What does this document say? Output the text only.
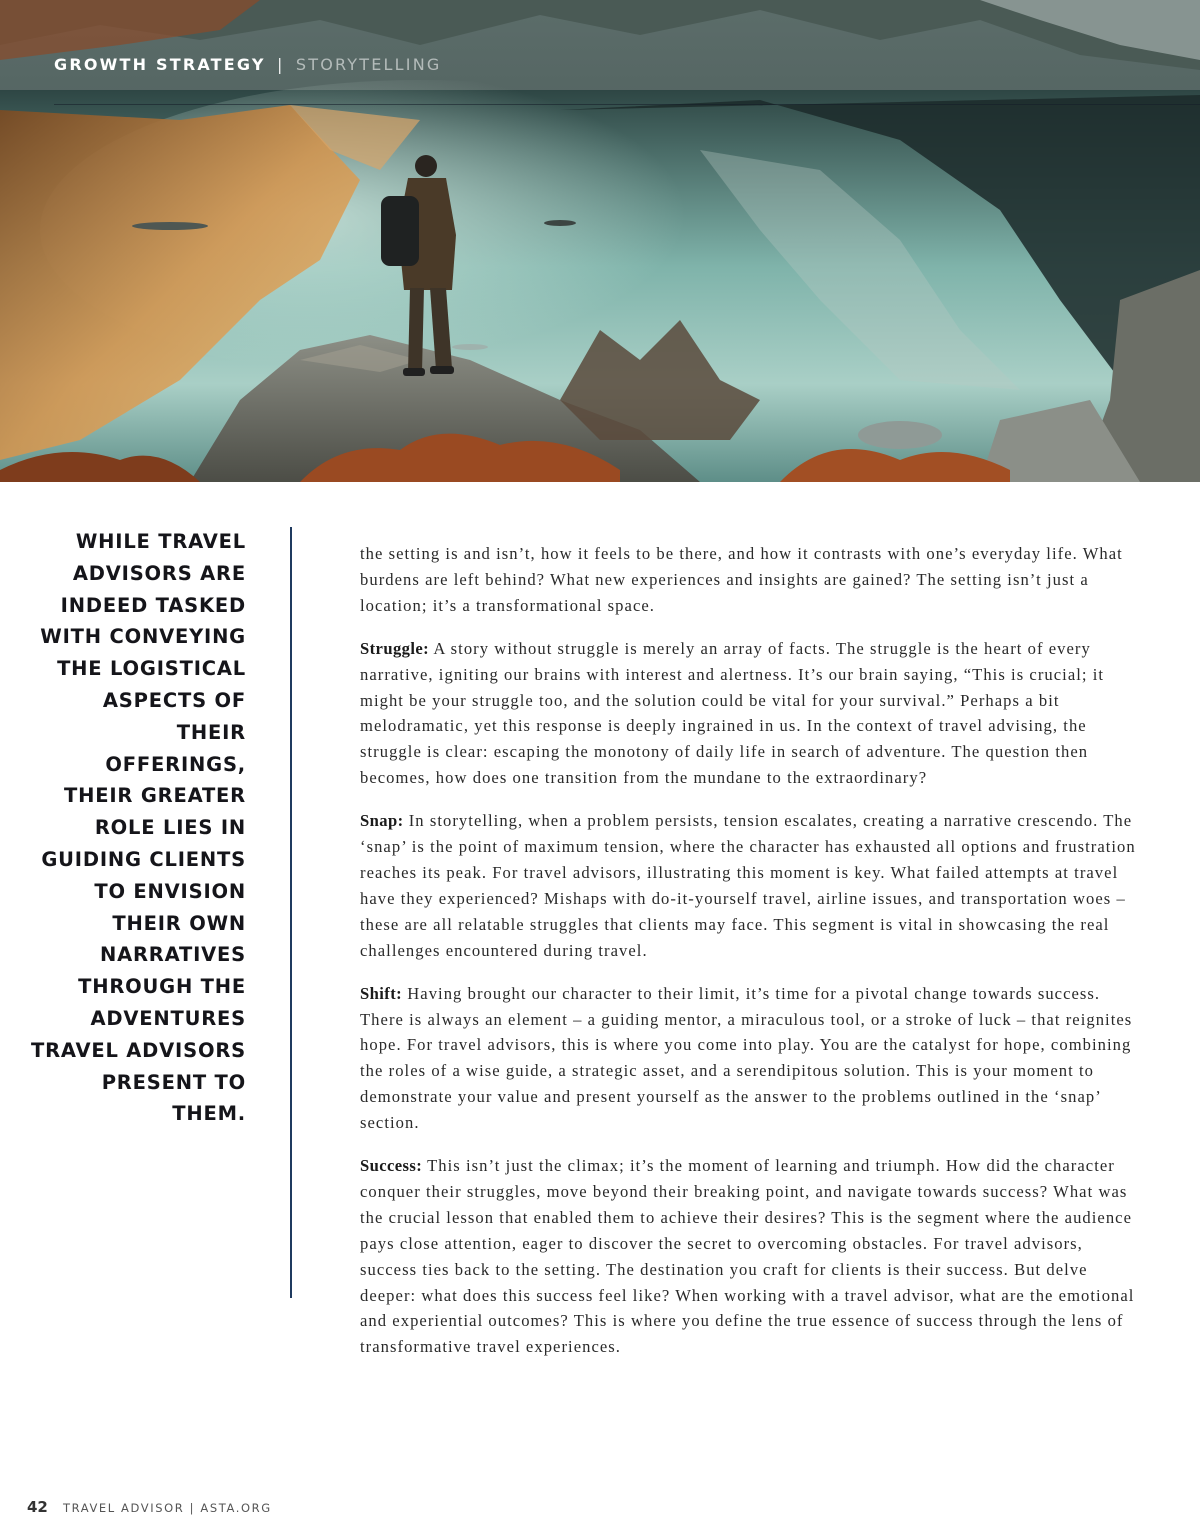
GROWTH STRATEGY | STORYTELLING
WHILE TRAVEL ADVISORS ARE INDEED TASKED WITH CONVEYING THE LOGISTICAL ASPECTS OF THEIR OFFERINGS, THEIR GREATER ROLE LIES IN GUIDING CLIENTS TO ENVISION THEIR OWN NARRATIVES THROUGH THE ADVENTURES TRAVEL ADVISORS PRESENT TO THEM.

the setting is and isn’t, how it feels to be there, and how it contrasts with one’s everyday life. What burdens are left behind? What new experiences and insights are gained? The setting isn’t just a location; it’s a transformational space.

Struggle: A story without struggle is merely an array of facts. The struggle is the heart of every narrative, igniting our brains with interest and alertness. It’s our brain saying, “This is crucial; it might be your struggle too, and the solution could be vital for your survival.” Perhaps a bit melodramatic, yet this response is deeply ingrained in us. In the context of travel advising, the struggle is clear: escaping the monotony of daily life in search of adventure. The question then becomes, how does one transition from the mundane to the extraordinary?

Snap: In storytelling, when a problem persists, tension escalates, creating a narrative crescendo. The ‘snap’ is the point of maximum tension, where the character has exhausted all options and frustration reaches its peak. For travel advisors, illustrating this moment is key. What failed attempts at travel have they experienced? Mishaps with do-it-yourself travel, airline issues, and transportation woes – these are all relatable struggles that clients may face. This segment is vital in showcasing the real challenges encountered during travel.

Shift: Having brought our character to their limit, it’s time for a pivotal change towards success. There is always an element – a guiding mentor, a miraculous tool, or a stroke of luck – that reignites hope. For travel advisors, this is where you come into play. You are the catalyst for hope, combining the roles of a wise guide, a strategic asset, and a serendipitous solution. This is your moment to demonstrate your value and present yourself as the answer to the problems outlined in the ‘snap’ section.

Success: This isn’t just the climax; it’s the moment of learning and triumph. How did the character conquer their struggles, move beyond their breaking point, and navigate towards success? What was the crucial lesson that enabled them to achieve their desires? This is the segment where the audience pays close attention, eager to discover the secret to overcoming obstacles. For travel advisors, success ties back to the setting. The destination you craft for clients is their success. But delve deeper: what does this success feel like? When working with a travel advisor, what are the emotional and experiential outcomes? This is where you define the true essence of success through the lens of transformative travel experiences.

42 TRAVEL ADVISOR | ASTA.ORG
